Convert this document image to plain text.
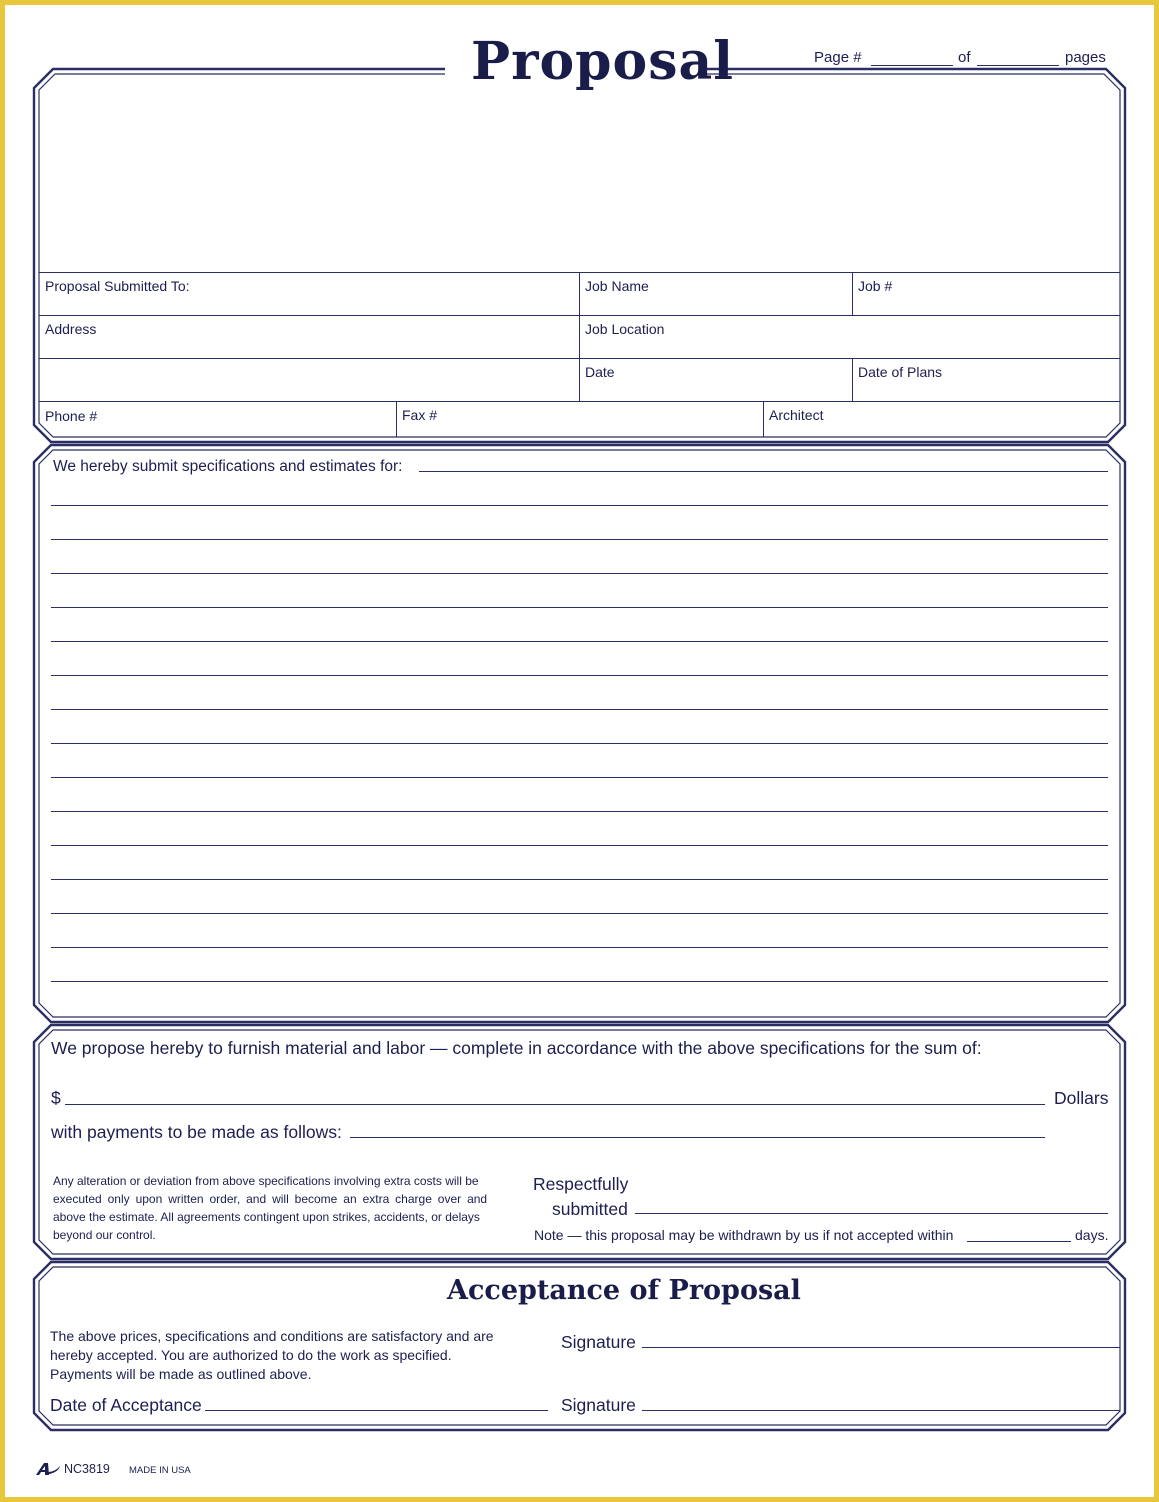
Proposal	Page #	of	pages
Proposal Submitted To:	Job Name	Job #
Address	Job Location
Date	Date of Plans
Phone #	Fax #	Architect
We hereby submit specifications and estimates for:
We propose hereby to furnish material and labor — complete in accordance with the above specifications for the sum of:
$	Dollars
with payments to be made as follows:
Any alteration or deviation from above specifications involving extra costs will be
executed only upon written order, and will become an extra charge over and
above the estimate. All agreements contingent upon strikes, accidents, or delays
beyond our control.
Respectfully
submitted
Note — this proposal may be withdrawn by us if not accepted within	days.
Acceptance of Proposal
The above prices, specifications and conditions are satisfactory and are
hereby accepted. You are authorized to do the work as specified.
Payments will be made as outlined above.
Signature
Date of Acceptance	Signature
NC3819 MADE IN USA
